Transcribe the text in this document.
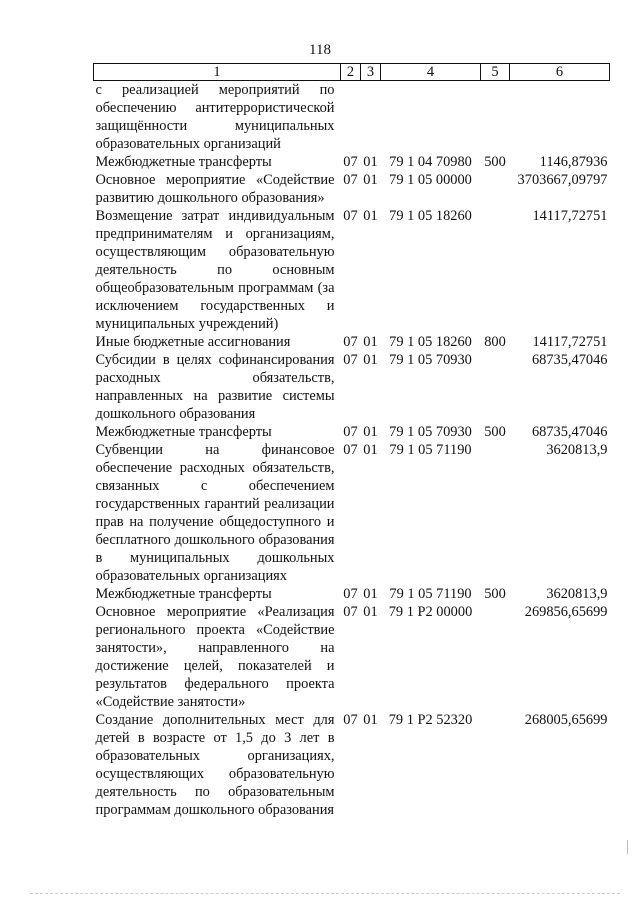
118
1	2	3	4	5	6
с реализацией мероприятий по обеспечению антитеррористической защищённости муниципальных образовательных организаций					
Межбюджетные трансферты	07	01	79 1 04 70980	500	1146,87936
Основное мероприятие «Содействие развитию дошкольного образования»	07	01	79 1 05 00000		3703667,09797
Возмещение затрат индивидуальным предпринимателям и организациям, осуществляющим образовательную деятельность по основным общеобразовательным программам (за исключением государственных и муниципальных учреждений)	07	01	79 1 05 18260		14117,72751
Иные бюджетные ассигнования	07	01	79 1 05 18260	800	14117,72751
Субсидии в целях софинансирования расходных обязательств, направленных на развитие системы дошкольного образования	07	01	79 1 05 70930		68735,47046
Межбюджетные трансферты	07	01	79 1 05 70930	500	68735,47046
Субвенции на финансовое обеспечение расходных обязательств, связанных с обеспечением государственных гарантий реализации прав на получение общедоступного и бесплатного дошкольного образования в муниципальных дошкольных образовательных организациях	07	01	79 1 05 71190		3620813,9
Межбюджетные трансферты	07	01	79 1 05 71190	500	3620813,9
Основное мероприятие «Реализация регионального проекта «Содействие занятости», направленного на достижение целей, показателей и результатов федерального проекта «Содействие занятости»	07	01	79 1 P2 00000		269856,65699
Создание дополнительных мест для детей в возрасте от 1,5 до 3 лет в образовательных организациях, осуществляющих образовательную деятельность по образовательным программам дошкольного образования	07	01	79 1 P2 52320		268005,65699
